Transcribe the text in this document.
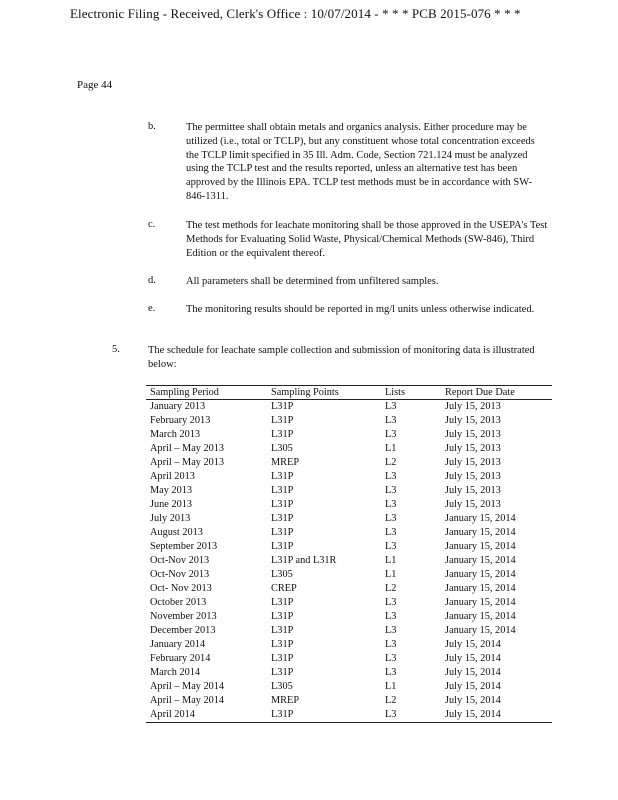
Electronic Filing - Received, Clerk's Office : 10/07/2014 - * * * PCB 2015-076 * * *
Page 44
b.	The permittee shall obtain metals and organics analysis. Either procedure may be utilized (i.e., total or TCLP), but any constituent whose total concentration exceeds the TCLP limit specified in 35 Ill. Adm. Code, Section 721.124 must be analyzed using the TCLP test and the results reported, unless an alternative test has been approved by the Illinois EPA. TCLP test methods must be in accordance with SW-846-1311.
c.	The test methods for leachate monitoring shall be those approved in the USEPA's Test Methods for Evaluating Solid Waste, Physical/Chemical Methods (SW-846), Third Edition or the equivalent thereof.
d.	All parameters shall be determined from unfiltered samples.
e.	The monitoring results should be reported in mg/l units unless otherwise indicated.
5.	The schedule for leachate sample collection and submission of monitoring data is illustrated below:
Sampling Period	Sampling Points	Lists	Report Due Date
January 2013	L31P	L3	July 15, 2013
February 2013	L31P	L3	July 15, 2013
March 2013	L31P	L3	July 15, 2013
April – May 2013	L305	L1	July 15, 2013
April – May 2013	MREP	L2	July 15, 2013
April 2013	L31P	L3	July 15, 2013
May 2013	L31P	L3	July 15, 2013
June 2013	L31P	L3	July 15, 2013
July 2013	L31P	L3	January 15, 2014
August 2013	L31P	L3	January 15, 2014
September 2013	L31P	L3	January 15, 2014
Oct-Nov 2013	L31P and L31R	L1	January 15, 2014
Oct-Nov 2013	L305	L1	January 15, 2014
Oct- Nov 2013	CREP	L2	January 15, 2014
October 2013	L31P	L3	January 15, 2014
November 2013	L31P	L3	January 15, 2014
December 2013	L31P	L3	January 15, 2014
January 2014	L31P	L3	July 15, 2014
February 2014	L31P	L3	July 15, 2014
March 2014	L31P	L3	July 15, 2014
April – May 2014	L305	L1	July 15, 2014
April – May 2014	MREP	L2	July 15, 2014
April 2014	L31P	L3	July 15, 2014
